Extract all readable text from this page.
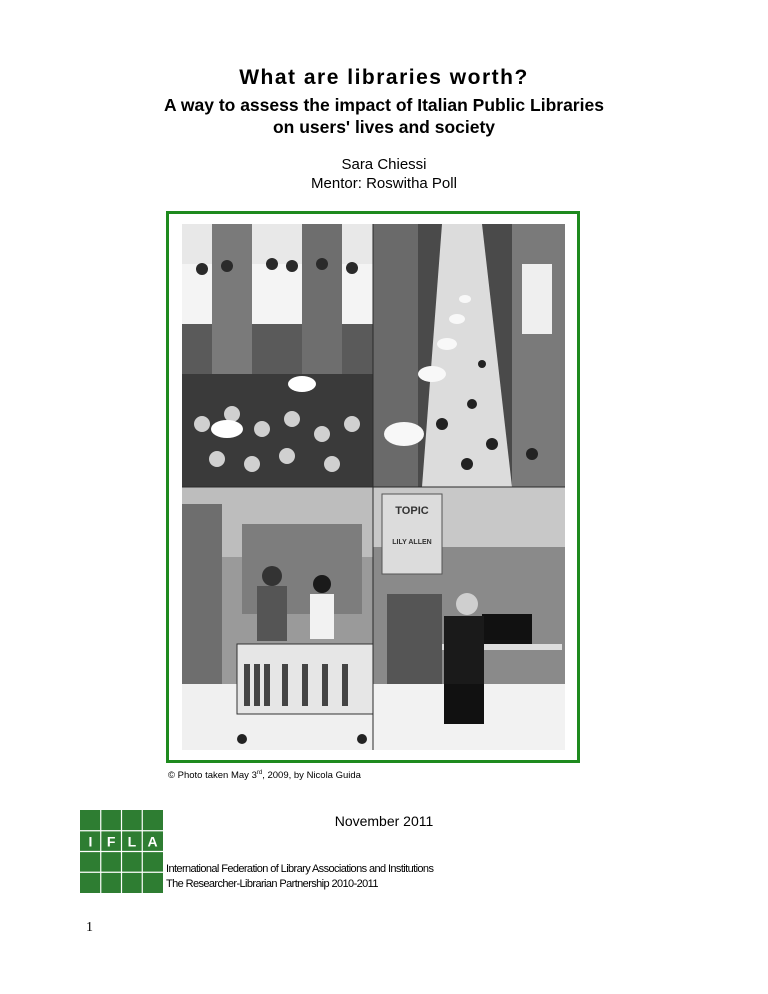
What are libraries worth?
A way to assess the impact of Italian Public Libraries
on users' lives and society
Sara Chiessi
Mentor: Roswitha Poll
TOPIC
LILY ALLEN
© Photo taken May 3rd, 2009, by Nicola Guida
November 2011
I F L A
International Federation of Library Associations and Institutions
The Researcher-Librarian Partnership 2010-2011
1
